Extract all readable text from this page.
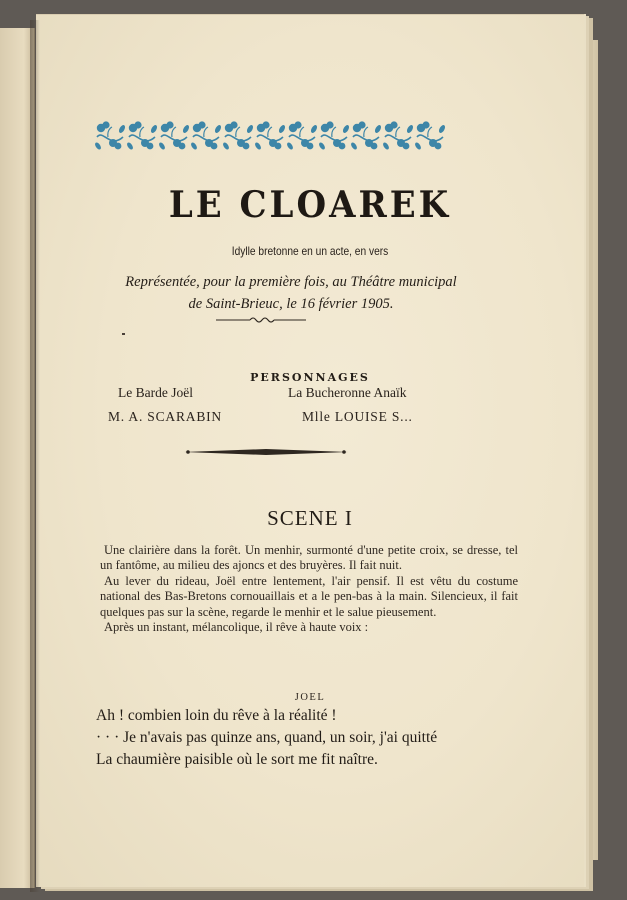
LE CLOAREK
Idylle bretonne en un acte, en vers

Représentée, pour la première fois, au Théâtre municipal
de Saint-Brieuc, le 16 février 1905.

PERSONNAGES
Le Barde Joël
M. A. SCARABIN
La Bucheronne Anaïk
Mlle LOUISE S...
SCENE I

Une clairière dans la forêt. Un menhir, surmonté d'une petite croix, se dresse, tel un fantôme, au milieu des ajoncs et des bruyères. Il fait nuit.

Au lever du rideau, Joël entre lentement, l'air pensif. Il est vêtu du costume national des Bas-Bretons cornouaillais et a le pen-bas à la main. Silencieux, il fait quelques pas sur la scène, regarde le menhir et le salue pieusement.

Après un instant, mélancolique, il rêve à haute voix :

JOEL
Ah ! combien loin du rêve à la réalité !
· · · Je n'avais pas quinze ans, quand, un soir, j'ai quitté
La chaumière paisible où le sort me fit naître.
